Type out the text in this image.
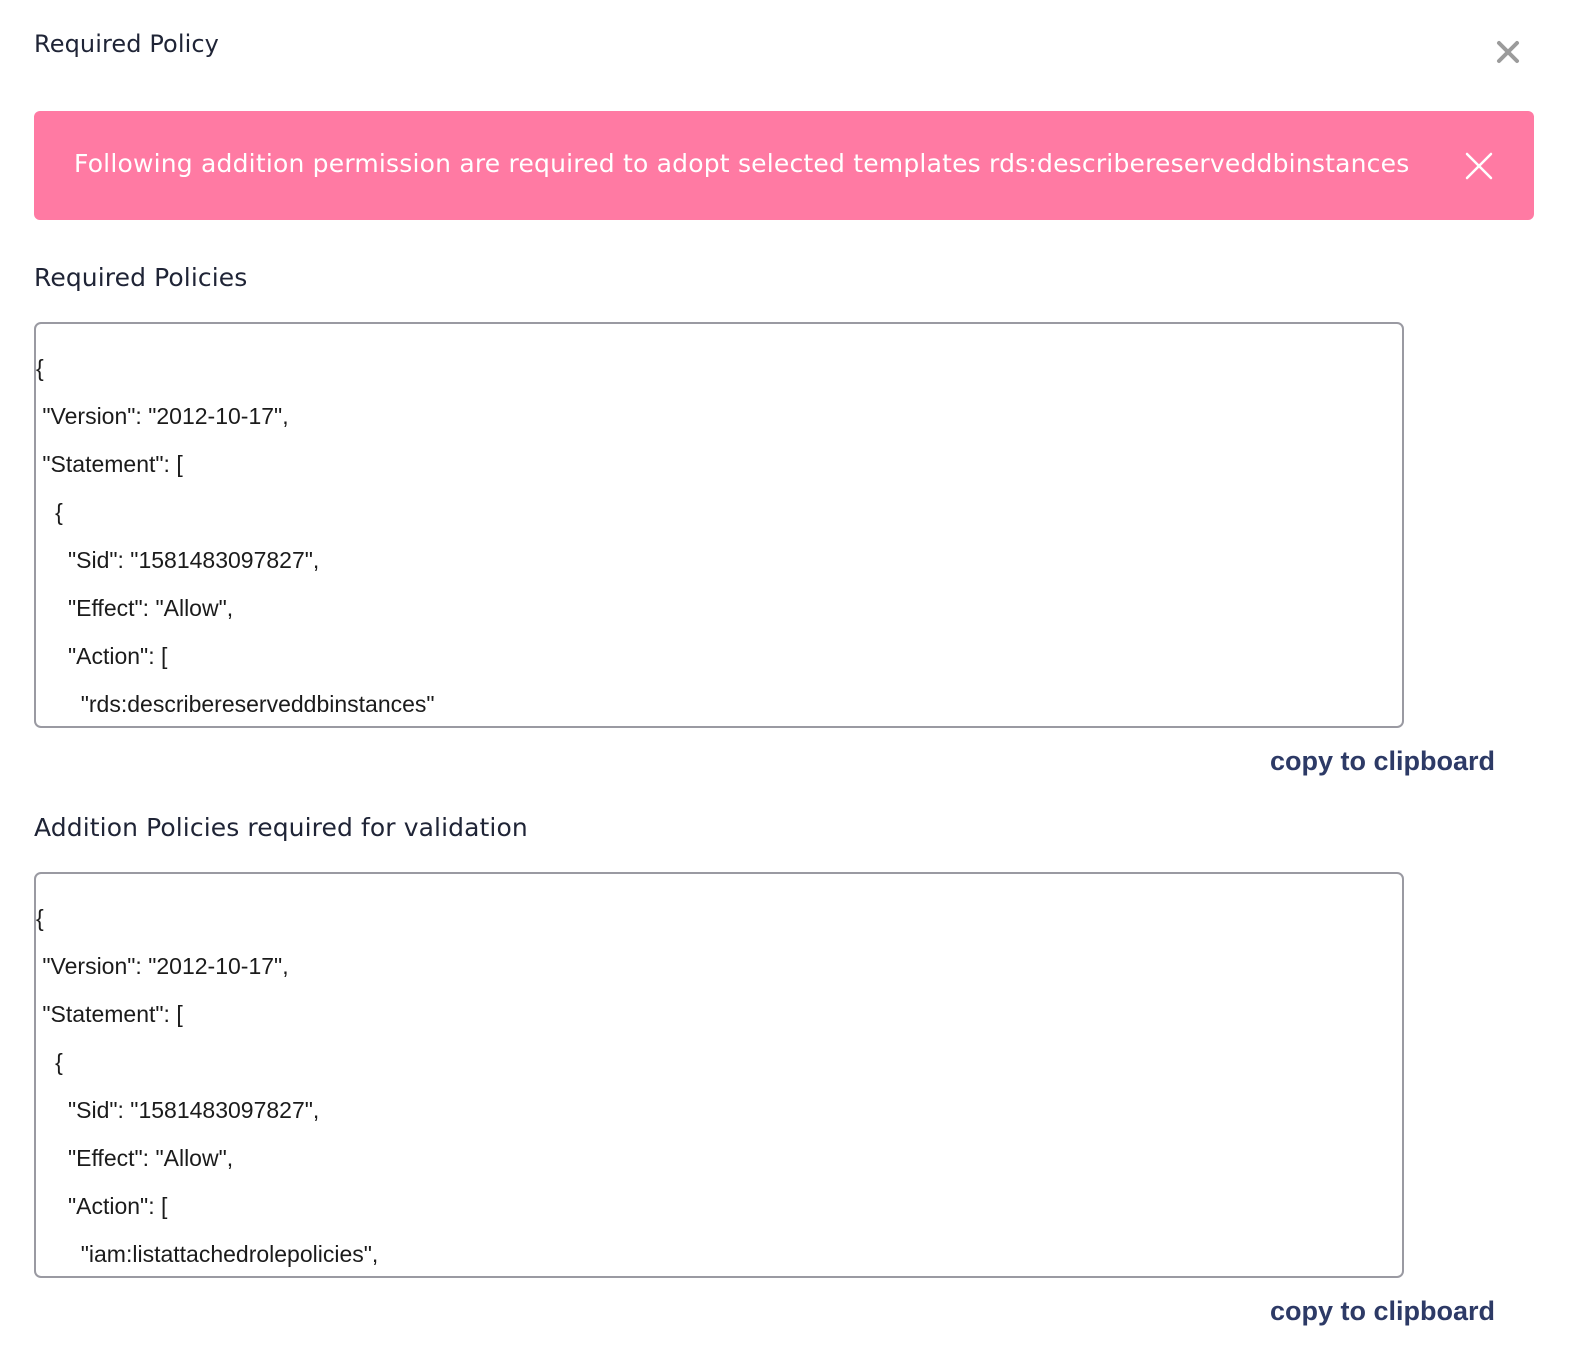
Required Policy
Following addition permission are required to adopt selected templates rds:describereserveddbinstances
Required Policies
{
"Version": "2012-10-17",
"Statement": [
{
"Sid": "1581483097827",
"Effect": "Allow",
"Action": [
"rds:describereserveddbinstances"
copy to clipboard
Addition Policies required for validation
{
"Version": "2012-10-17",
"Statement": [
{
"Sid": "1581483097827",
"Effect": "Allow",
"Action": [
"iam:listattachedrolepolicies",
copy to clipboard
